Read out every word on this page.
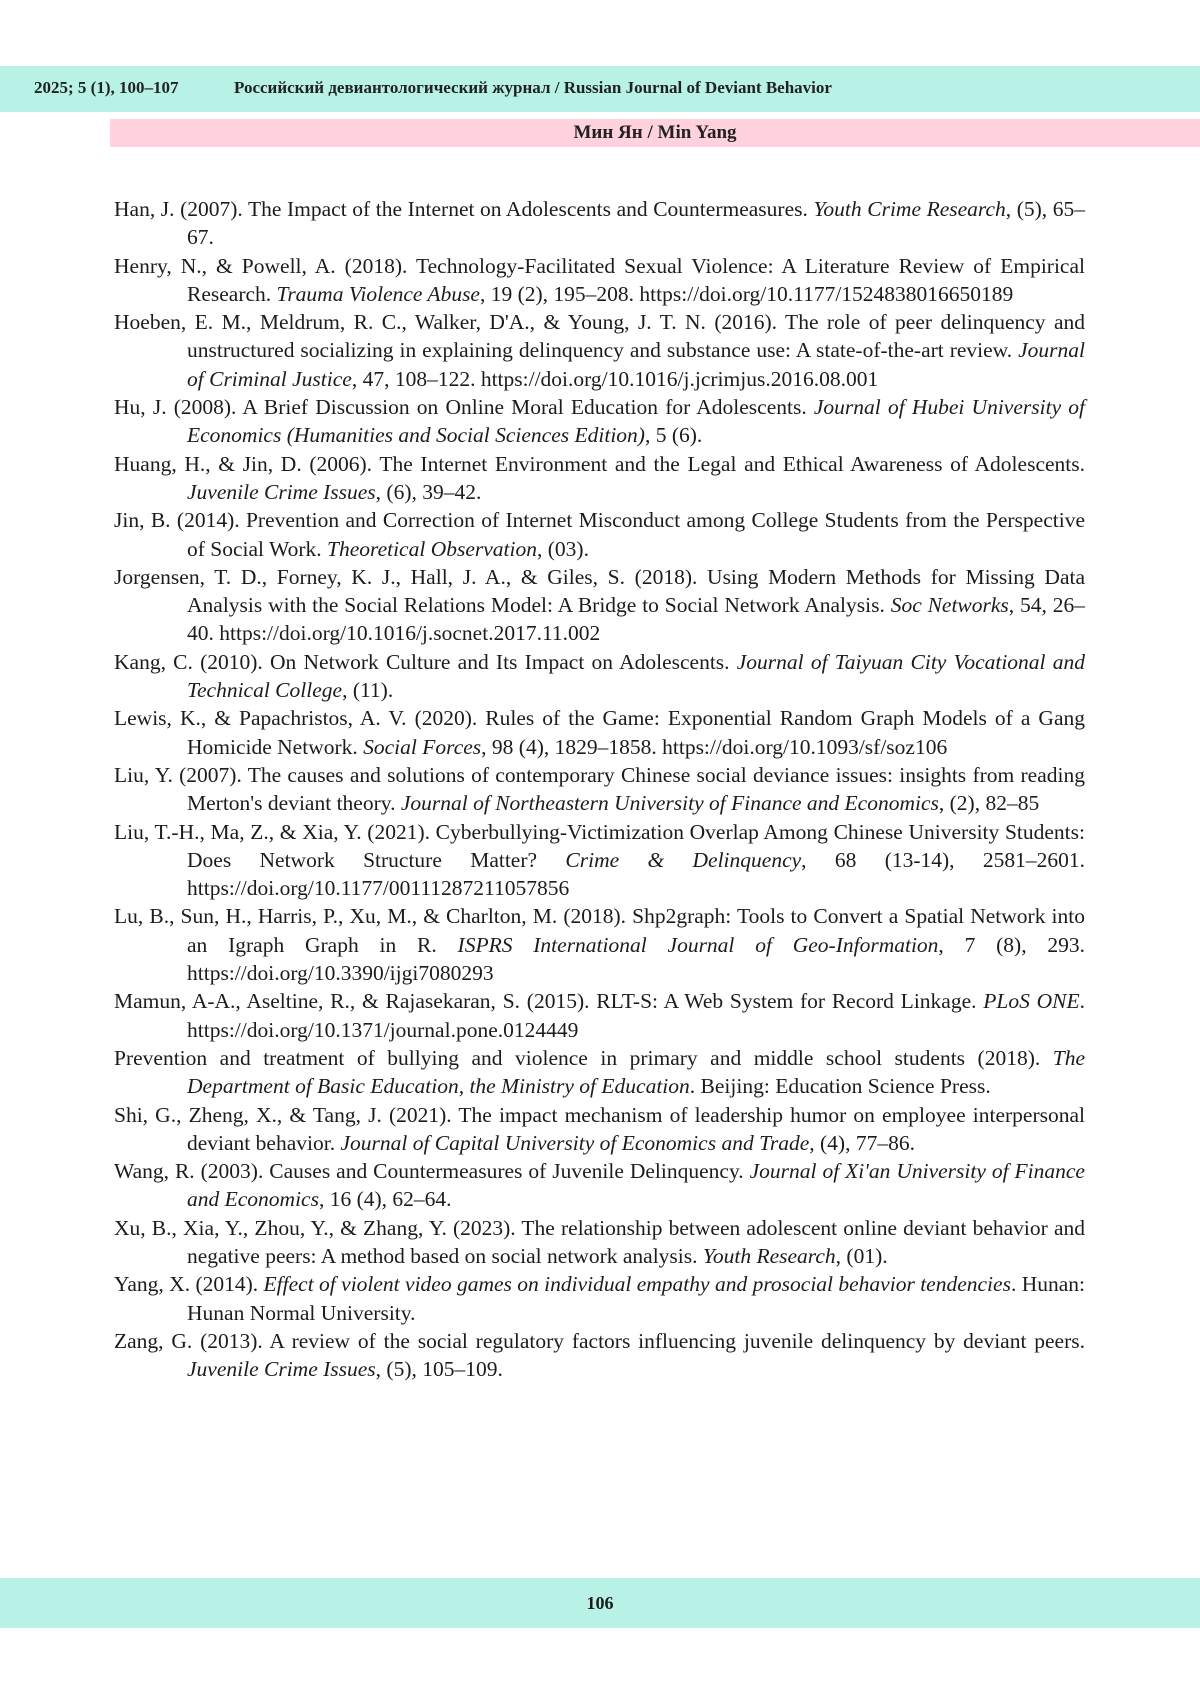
2025; 5 (1), 100–107	Российский девиантологический журнал / Russian Journal of Deviant Behavior
Мин Ян / Min Yang
Han, J. (2007). The Impact of the Internet on Adolescents and Countermeasures. Youth Crime Research, (5), 65–67.
Henry, N., & Powell, A. (2018). Technology-Facilitated Sexual Violence: A Literature Review of Empirical Research. Trauma Violence Abuse, 19 (2), 195–208. https://doi.org/10.1177/1524838016650189
Hoeben, E. M., Meldrum, R. C., Walker, D'A., & Young, J. T. N. (2016). The role of peer delinquency and unstructured socializing in explaining delinquency and substance use: A state-of-the-art review. Journal of Criminal Justice, 47, 108–122. https://doi.org/10.1016/j.jcrimjus.2016.08.001
Hu, J. (2008). A Brief Discussion on Online Moral Education for Adolescents. Journal of Hubei University of Economics (Humanities and Social Sciences Edition), 5 (6).
Huang, H., & Jin, D. (2006). The Internet Environment and the Legal and Ethical Awareness of Adolescents. Juvenile Crime Issues, (6), 39–42.
Jin, B. (2014). Prevention and Correction of Internet Misconduct among College Students from the Perspective of Social Work. Theoretical Observation, (03).
Jorgensen, T. D., Forney, K. J., Hall, J. A., & Giles, S. (2018). Using Modern Methods for Missing Data Analysis with the Social Relations Model: A Bridge to Social Network Analysis. Soc Networks, 54, 26–40. https://doi.org/10.1016/j.socnet.2017.11.002
Kang, C. (2010). On Network Culture and Its Impact on Adolescents. Journal of Taiyuan City Vocational and Technical College, (11).
Lewis, K., & Papachristos, A. V. (2020). Rules of the Game: Exponential Random Graph Models of a Gang Homicide Network. Social Forces, 98 (4), 1829–1858. https://doi.org/10.1093/sf/soz106
Liu, Y. (2007). The causes and solutions of contemporary Chinese social deviance issues: insights from reading Merton's deviant theory. Journal of Northeastern University of Finance and Economics, (2), 82–85
Liu, T.-H., Ma, Z., & Xia, Y. (2021). Cyberbullying-Victimization Overlap Among Chinese University Students: Does Network Structure Matter? Crime & Delinquency, 68 (13-14), 2581–2601. https://doi.org/10.1177/00111287211057856
Lu, B., Sun, H., Harris, P., Xu, M., & Charlton, M. (2018). Shp2graph: Tools to Convert a Spatial Network into an Igraph Graph in R. ISPRS International Journal of Geo-Information, 7 (8), 293. https://doi.org/10.3390/ijgi7080293
Mamun, A-A., Aseltine, R., & Rajasekaran, S. (2015). RLT-S: A Web System for Record Linkage. PLoS ONE. https://doi.org/10.1371/journal.pone.0124449
Prevention and treatment of bullying and violence in primary and middle school students (2018). The Department of Basic Education, the Ministry of Education. Beijing: Education Science Press.
Shi, G., Zheng, X., & Tang, J. (2021). The impact mechanism of leadership humor on employee interpersonal deviant behavior. Journal of Capital University of Economics and Trade, (4), 77–86.
Wang, R. (2003). Causes and Countermeasures of Juvenile Delinquency. Journal of Xi'an University of Finance and Economics, 16 (4), 62–64.
Xu, B., Xia, Y., Zhou, Y., & Zhang, Y. (2023). The relationship between adolescent online deviant behavior and negative peers: A method based on social network analysis. Youth Research, (01).
Yang, X. (2014). Effect of violent video games on individual empathy and prosocial behavior tendencies. Hunan: Hunan Normal University.
Zang, G. (2013). A review of the social regulatory factors influencing juvenile delinquency by deviant peers. Juvenile Crime Issues, (5), 105–109.
106
